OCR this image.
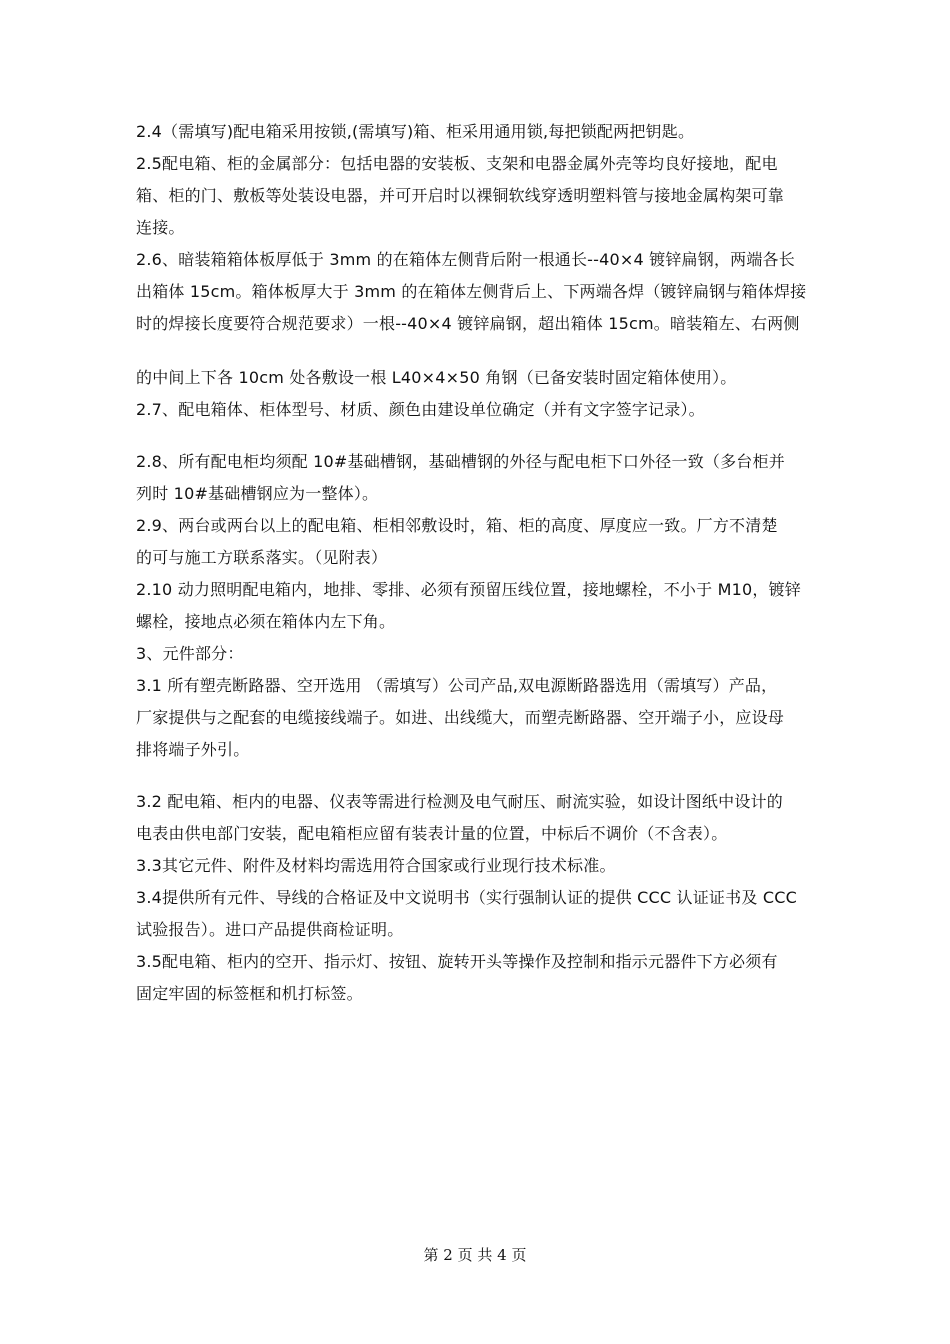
2.4（需填写)配电箱采用按锁,(需填写)箱、柜采用通用锁,每把锁配两把钥匙。
2.5配电箱、柜的金属部分：包括电器的安装板、支架和电器金属外壳等均良好接地，配电
箱、柜的门、敷板等处装设电器，并可开启时以裸铜软线穿透明塑料管与接地金属构架可靠
连接。
2.6、暗装箱箱体板厚低于 3mm 的在箱体左侧背后附一根通长--40×4 镀锌扁钢，两端各长
出箱体 15cm。箱体板厚大于 3mm 的在箱体左侧背后上、下两端各焊（镀锌扁钢与箱体焊接
时的焊接长度要符合规范要求）一根--40×4 镀锌扁钢，超出箱体 15cm。暗装箱左、右两侧
的中间上下各 10cm 处各敷设一根 L40×4×50 角钢（已备安装时固定箱体使用）。
2.7、配电箱体、柜体型号、材质、颜色由建设单位确定（并有文字签字记录）。
2.8、所有配电柜均须配 10#基础槽钢，基础槽钢的外径与配电柜下口外径一致（多台柜并
列时 10#基础槽钢应为一整体）。
2.9、两台或两台以上的配电箱、柜相邻敷设时，箱、柜的高度、厚度应一致。厂方不清楚
的可与施工方联系落实。（见附表）
2.10 动力照明配电箱内，地排、零排、必须有预留压线位置，接地螺栓，不小于 M10，镀锌
螺栓，接地点必须在箱体内左下角。
3、元件部分：
3.1 所有塑壳断路器、空开选用 （需填写）公司产品,双电源断路器选用（需填写）产品，
厂家提供与之配套的电缆接线端子。如进、出线缆大，而塑壳断路器、空开端子小，应设母
排将端子外引。
3.2 配电箱、柜内的电器、仪表等需进行检测及电气耐压、耐流实验，如设计图纸中设计的
电表由供电部门安装，配电箱柜应留有装表计量的位置，中标后不调价（不含表）。
3.3其它元件、附件及材料均需选用符合国家或行业现行技术标准。
3.4提供所有元件、导线的合格证及中文说明书（实行强制认证的提供 CCC 认证证书及 CCC
试验报告）。进口产品提供商检证明。
3.5配电箱、柜内的空开、指示灯、按钮、旋转开头等操作及控制和指示元器件下方必须有
固定牢固的标签框和机打标签。
第 2 页 共 4 页
